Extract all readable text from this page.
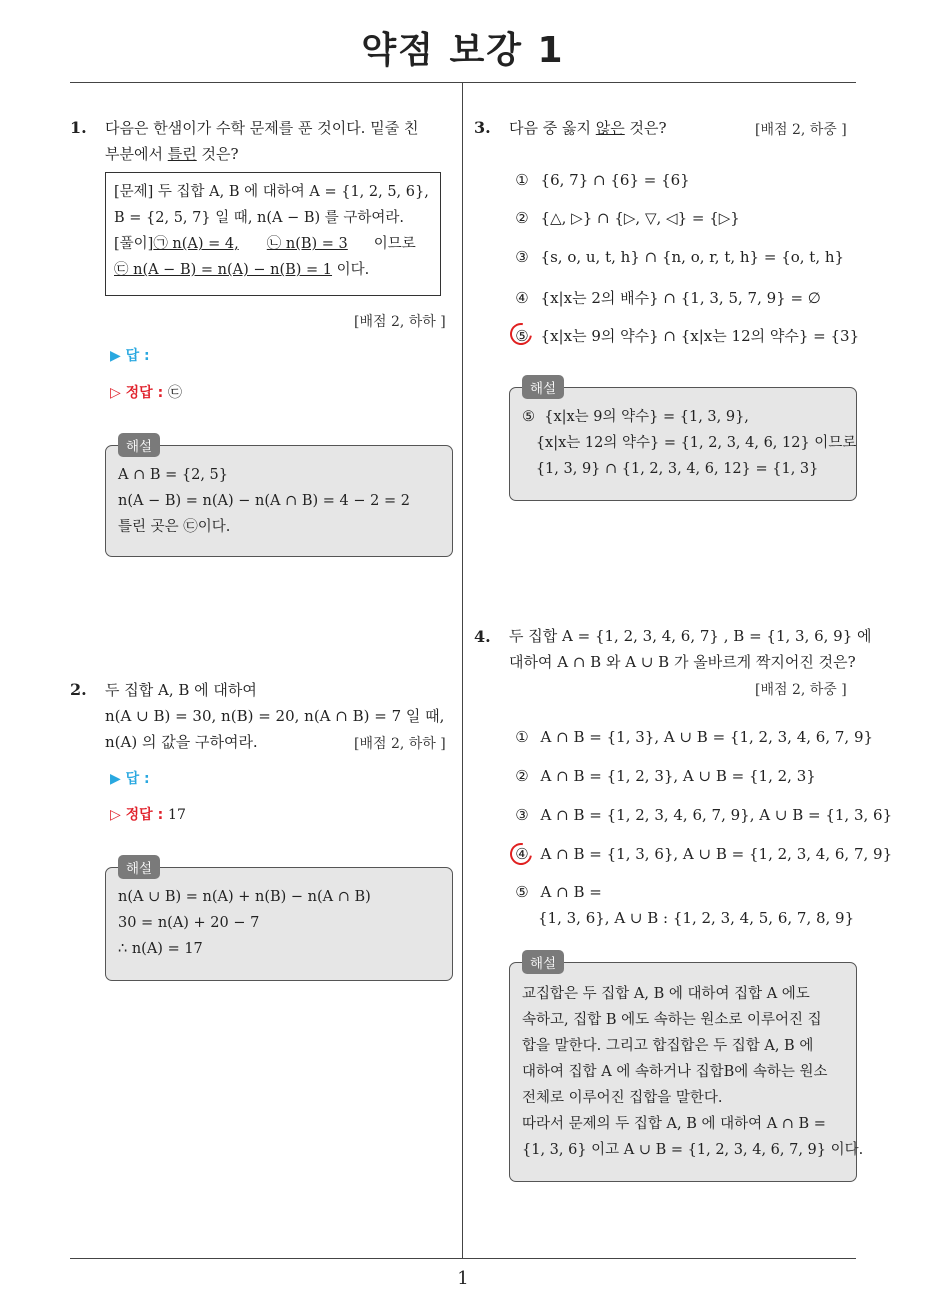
약점 보강 1
1
1. 다음은 한샘이가 수학 문제를 푼 것이다. 밑줄 친
부분에서 틀린 것은?
[문제] 두 집합 A, B 에 대하여 A = {1, 2, 5, 6},
B = {2, 5, 7} 일 때, n(A − B) 를 구하여라.
[풀이]㉠ n(A) = 4, ㉡ n(B) = 3 이므로
㉢ n(A − B) = n(A) − n(B) = 1 이다.
[배점 2, 하하 ]
▶ 답 :
▷ 정답 : ㉢
해설
A ∩ B = {2, 5}
n(A − B) = n(A) − n(A ∩ B) = 4 − 2 = 2
틀린 곳은 ㉢이다.
2. 두 집합 A, B 에 대하여
n(A ∪ B) = 30, n(B) = 20, n(A ∩ B) = 7 일 때,
n(A) 의 값을 구하여라.	[배점 2, 하하 ]
▶ 답 :
▷ 정답 : 17
해설
n(A ∪ B) = n(A) + n(B) − n(A ∩ B)
30 = n(A) + 20 − 7
∴ n(A) = 17
3. 다음 중 옳지 않은 것은?	[배점 2, 하중 ]
① {6, 7} ∩ {6} = {6}
② {△, ▷} ∩ {▷, ▽, ◁} = {▷}
③ {s, o, u, t, h} ∩ {n, o, r, t, h} = {o, t, h}
④ {x|x는 2의 배수} ∩ {1, 3, 5, 7, 9} = ∅
⑤ {x|x는 9의 약수} ∩ {x|x는 12의 약수} = {3}
해설
⑤  {x|x는 9의 약수} = {1, 3, 9},
{x|x는 12의 약수} = {1, 2, 3, 4, 6, 12} 이므로
{1, 3, 9} ∩ {1, 2, 3, 4, 6, 12} = {1, 3}
4. 두 집합 A = {1, 2, 3, 4, 6, 7} , B = {1, 3, 6, 9} 에
대하여 A ∩ B 와 A ∪ B 가 올바르게 짝지어진 것은?
[배점 2, 하중 ]
① A ∩ B = {1, 3}, A ∪ B = {1, 2, 3, 4, 6, 7, 9}
② A ∩ B = {1, 2, 3}, A ∪ B = {1, 2, 3}
③ A ∩ B = {1, 2, 3, 4, 6, 7, 9}, A ∪ B = {1, 3, 6}
④ A ∩ B = {1, 3, 6}, A ∪ B = {1, 2, 3, 4, 6, 7, 9}
⑤ A ∩ B =
{1, 3, 6}, A ∪ B : {1, 2, 3, 4, 5, 6, 7, 8, 9}
해설
교집합은 두 집합 A, B 에 대하여 집합 A 에도
속하고, 집합 B 에도 속하는 원소로 이루어진 집
합을 말한다. 그리고 합집합은 두 집합 A, B 에
대하여 집합 A 에 속하거나 집합B에 속하는 원소
전체로 이루어진 집합을 말한다.
따라서 문제의 두 집합 A, B 에 대하여 A ∩ B =
{1, 3, 6} 이고 A ∪ B = {1, 2, 3, 4, 6, 7, 9} 이다.
